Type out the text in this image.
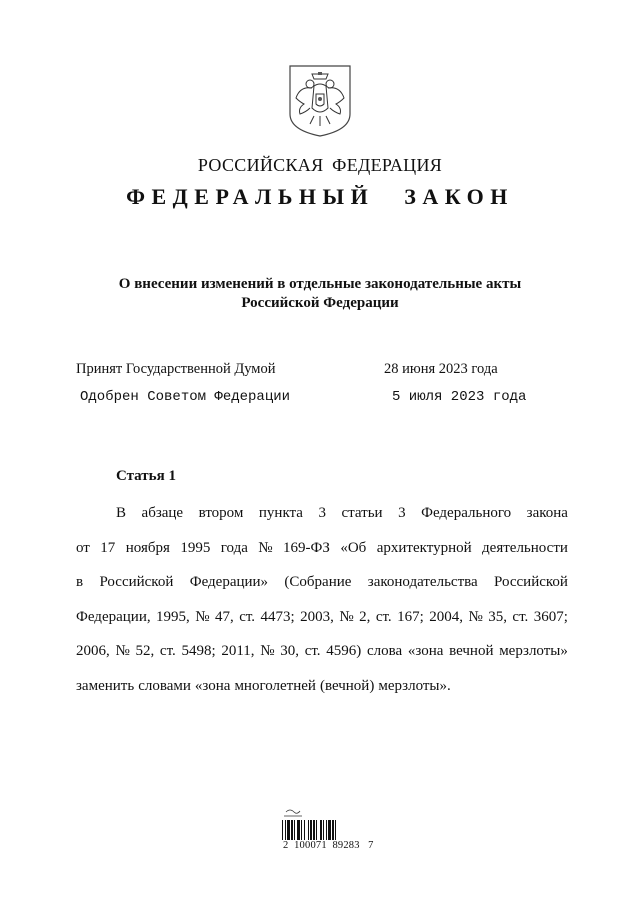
РОССИЙСКАЯ ФЕДЕРАЦИЯ
ФЕДЕРАЛЬНЫЙ ЗАКОН
О внесении изменений в отдельные законодательные акты
Российской Федерации
Принят Государственной Думой	28 июня 2023 года
Одобрен Советом Федерации	5 июля 2023 года
Статья 1
В абзаце втором пункта 3 статьи 3 Федерального закона
от 17 ноября 1995 года № 169-ФЗ «Об архитектурной деятельности
в Российской Федерации» (Собрание законодательства Российской
Федерации, 1995, № 47, ст. 4473; 2003, № 2, ст. 167; 2004, № 35, ст. 3607;
2006, № 52, ст. 5498; 2011, № 30, ст. 4596) слова «зона вечной мерзлоты»
заменить словами «зона многолетней (вечной) мерзлоты».
2  100071  89283   7
